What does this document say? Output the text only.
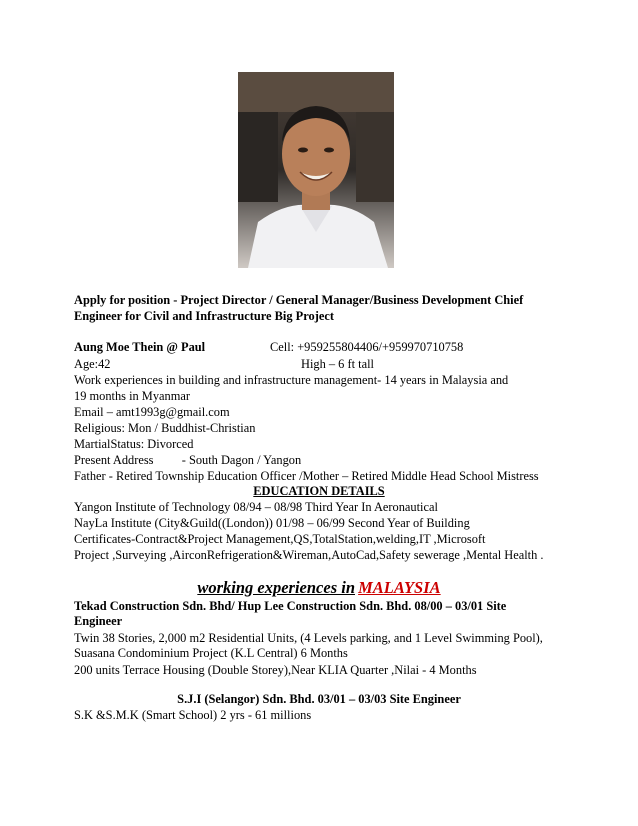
Apply for position - Project Director / General Manager/Business Development Chief
Engineer for Civil and Infrastructure Big Project
Aung Moe Thein @ Paul	Cell: +959255804406/+959970710758
Age:42	High – 6 ft tall
Work experiences in building and infrastructure management- 14 years in Malaysia and
19 months in Myanmar
Email – amt1993g@gmail.com
Religious: Mon / Buddhist-Christian
MartialStatus: Divorced
Present Address - South Dagon / Yangon
Father - Retired Township Education Officer /Mother – Retired Middle Head School Mistress
EDUCATION DETAILS
Yangon Institute of Technology 08/94 – 08/98 Third Year In Aeronautical
NayLa Institute (City&Guild((London)) 01/98 – 06/99 Second Year of Building
Certificates-Contract&Project Management,QS,TotalStation,welding,IT ,Microsoft
Project ,Surveying ,AirconRefrigeration&Wireman,AutoCad,Safety sewerage ,Mental Health .
working experiences in MALAYSIA
Tekad Construction Sdn. Bhd/ Hup Lee Construction Sdn. Bhd. 08/00 – 03/01 Site
Engineer
Twin 38 Stories, 2,000 m2 Residential Units, (4 Levels parking, and 1 Level Swimming Pool),
Suasana Condominium Project (K.L Central) 6 Months
200 units Terrace Housing (Double Storey),Near KLIA Quarter ,Nilai - 4 Months
S.J.I (Selangor) Sdn. Bhd. 03/01 – 03/03 Site Engineer
S.K &S.M.K (Smart School) 2 yrs - 61 millions
